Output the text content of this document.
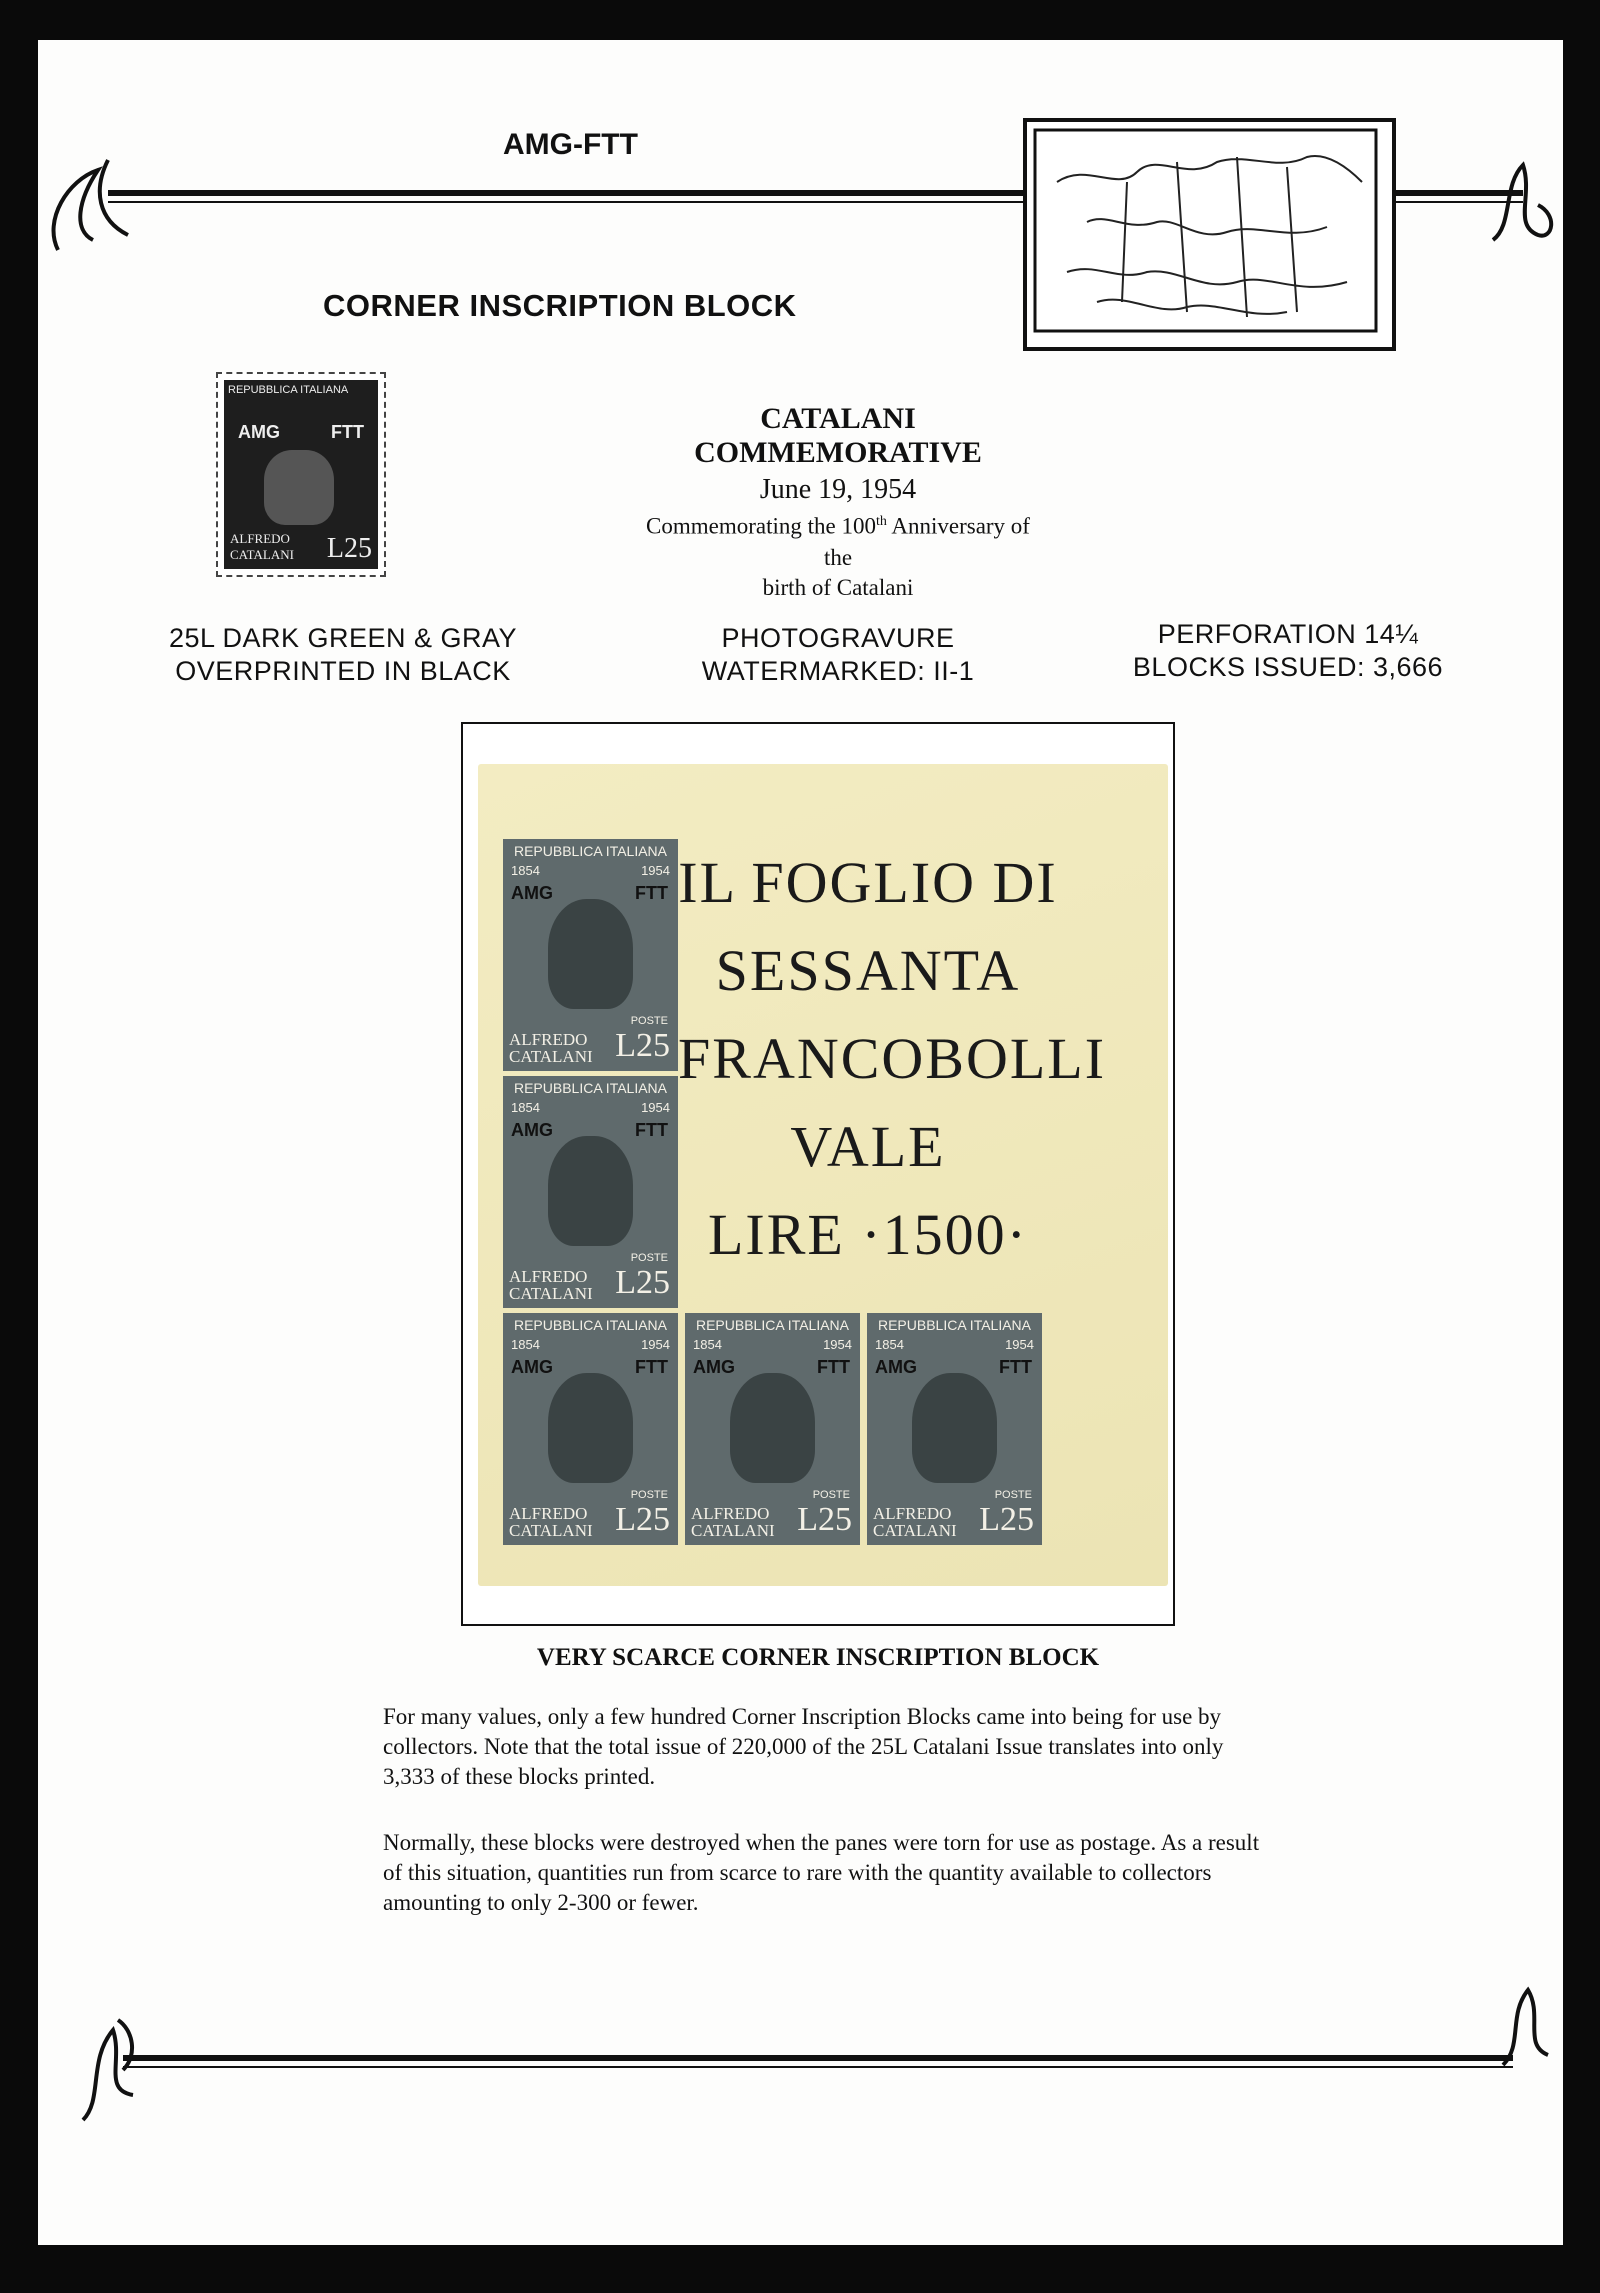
AMG-FTT
CORNER INSCRIPTION BLOCK
REPUBBLICA ITALIANA
AMG	FTT
ALFREDO
CATALANI L25
CATALANI COMMEMORATIVE
June 19, 1954
Commemorating the 100th Anniversary of the
birth of Catalani
25L DARK GREEN & GRAY
OVERPRINTED IN BLACK
PHOTOGRAVURE
WATERMARKED: II-1
PERFORATION 14¼
BLOCKS ISSUED: 3,666
REPUBBLICA ITALIANA
1854	1954
AMG	FTT
POSTE
ALFREDO
CATALANI L25
REPUBBLICA ITALIANA
1854	1954
AMG	FTT
POSTE
ALFREDO
CATALANI L25
REPUBBLICA ITALIANA
1854	1954
AMG	FTT
POSTE
ALFREDO
CATALANI L25
REPUBBLICA ITALIANA
1854	1954
AMG	FTT
POSTE
ALFREDO
CATALANI L25
REPUBBLICA ITALIANA
1854	1954
AMG	FTT
POSTE
ALFREDO
CATALANI L25
IL FOGLIO DI
SESSANTA
FRANCOBOLLI
VALE
LIRE ·1500·
VERY SCARCE CORNER INSCRIPTION BLOCK
For many values, only a few hundred Corner Inscription Blocks came into being for use by collectors. Note that the total issue of 220,000 of the 25L Catalani Issue translates into only 3,333 of these blocks printed.
Normally, these blocks were destroyed when the panes were torn for use as postage. As a result of this situation, quantities run from scarce to rare with the quantity available to collectors amounting to only 2-300 or fewer.
